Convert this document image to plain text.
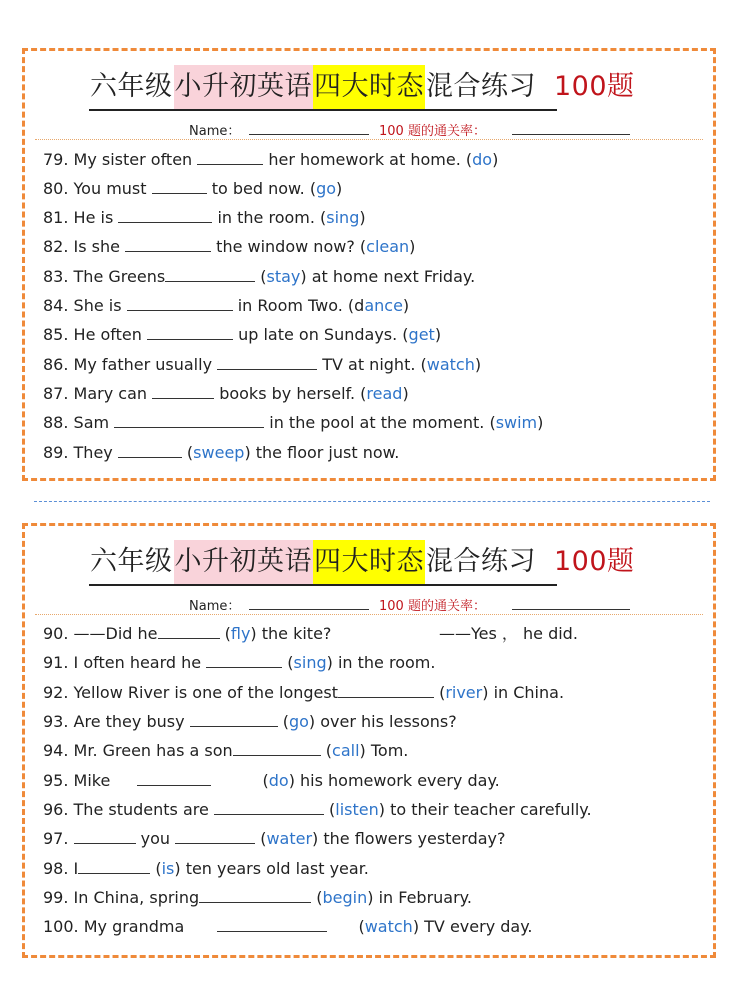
六年级 小升初英语 四大时态 混合练习 100题
Name：	100 题的通关率：
79. My sister often	her homework at home. (do)
80. You must	to bed now. (go)
81. He is	in the room. (sing)
82. Is she	the window now? (clean)
83. The Greens	(stay) at home next Friday.
84. She is	in Room Two. (dance)
85. He often	up late on Sundays. (get)
86. My father usually	TV at night. (watch)
87. Mary can	books by herself. (read)
88. Sam	in the pool at the moment. (swim)
89. They	(sweep) the floor just now.
六年级 小升初英语 四大时态 混合练习 100题
Name：	100 题的通关率：
90. ——Did he	(fly) the kite?	——Yes ， he did.
91. I often heard he	(sing) in the room.
92. Yellow River is one of the longest	(river) in China.
93. Are they busy	(go) over his lessons?
94. Mr. Green has a son	(call) Tom.
95. Mike	(do) his homework every day.
96. The students are	(listen) to their teacher carefully.
97.	you	(water) the flowers yesterday?
98. I	(is) ten years old last year.
99. In China, spring	(begin) in February.
100. My grandma	(watch) TV every day.
